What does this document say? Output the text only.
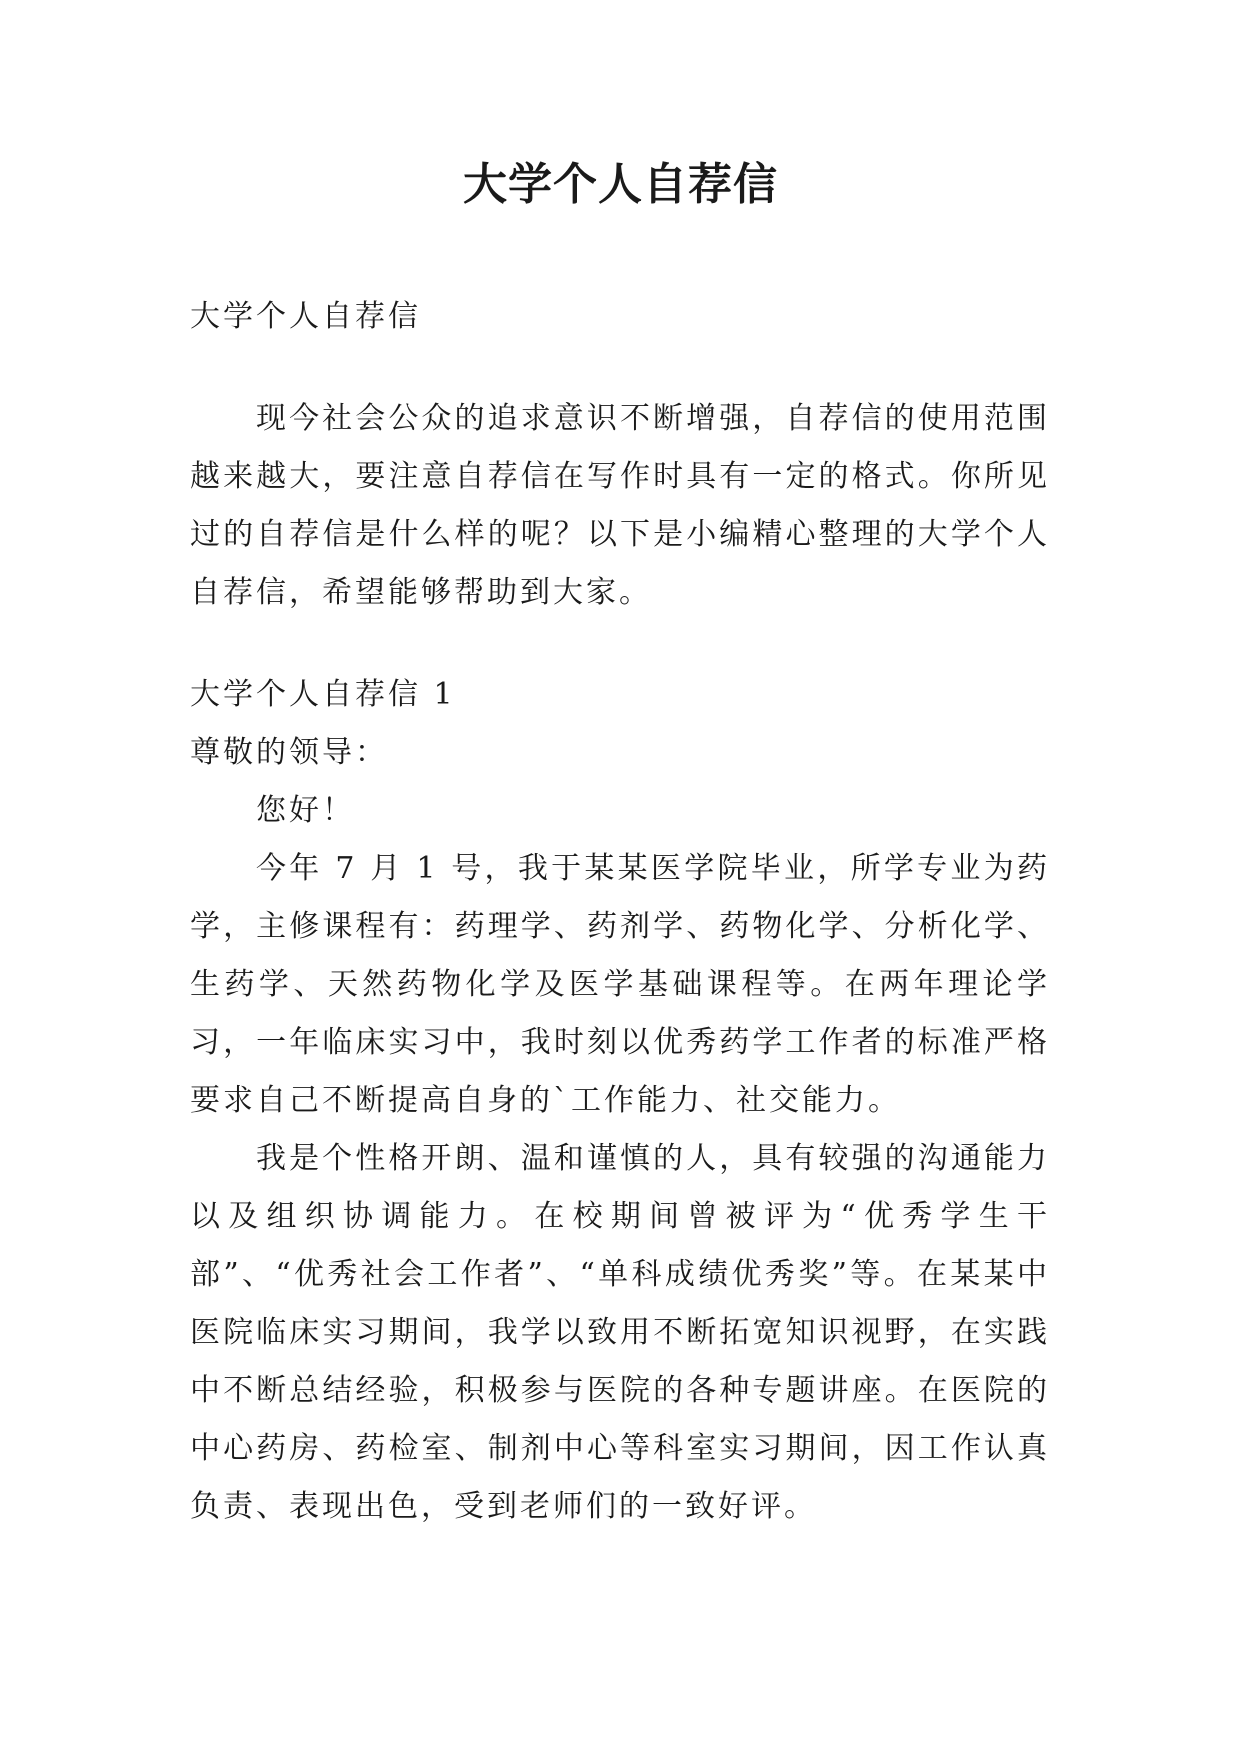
大学个人自荐信

大学个人自荐信

现今社会公众的追求意识不断增强，自荐信的使用范围越来越大，要注意自荐信在写作时具有一定的格式。你所见过的自荐信是什么样的呢？以下是小编精心整理的大学个人自荐信，希望能够帮助到大家。

大学个人自荐信 1

尊敬的领导：

您好！

今年 7 月 1 号，我于某某医学院毕业，所学专业为药学，主修课程有：药理学、药剂学、药物化学、分析化学、生药学、天然药物化学及医学基础课程等。在两年理论学习，一年临床实习中，我时刻以优秀药学工作者的标准严格要求自己不断提高自身的`工作能力、社交能力。

我是个性格开朗、温和谨慎的人，具有较强的沟通能力以及组织协调能力。在校期间曾被评为“优秀学生干部”、“优秀社会工作者”、“单科成绩优秀奖”等。在某某中医院临床实习期间，我学以致用不断拓宽知识视野，在实践中不断总结经验，积极参与医院的各种专题讲座。在医院的中心药房、药检室、制剂中心等科室实习期间，因工作认真负责、表现出色，受到老师们的一致好评。
